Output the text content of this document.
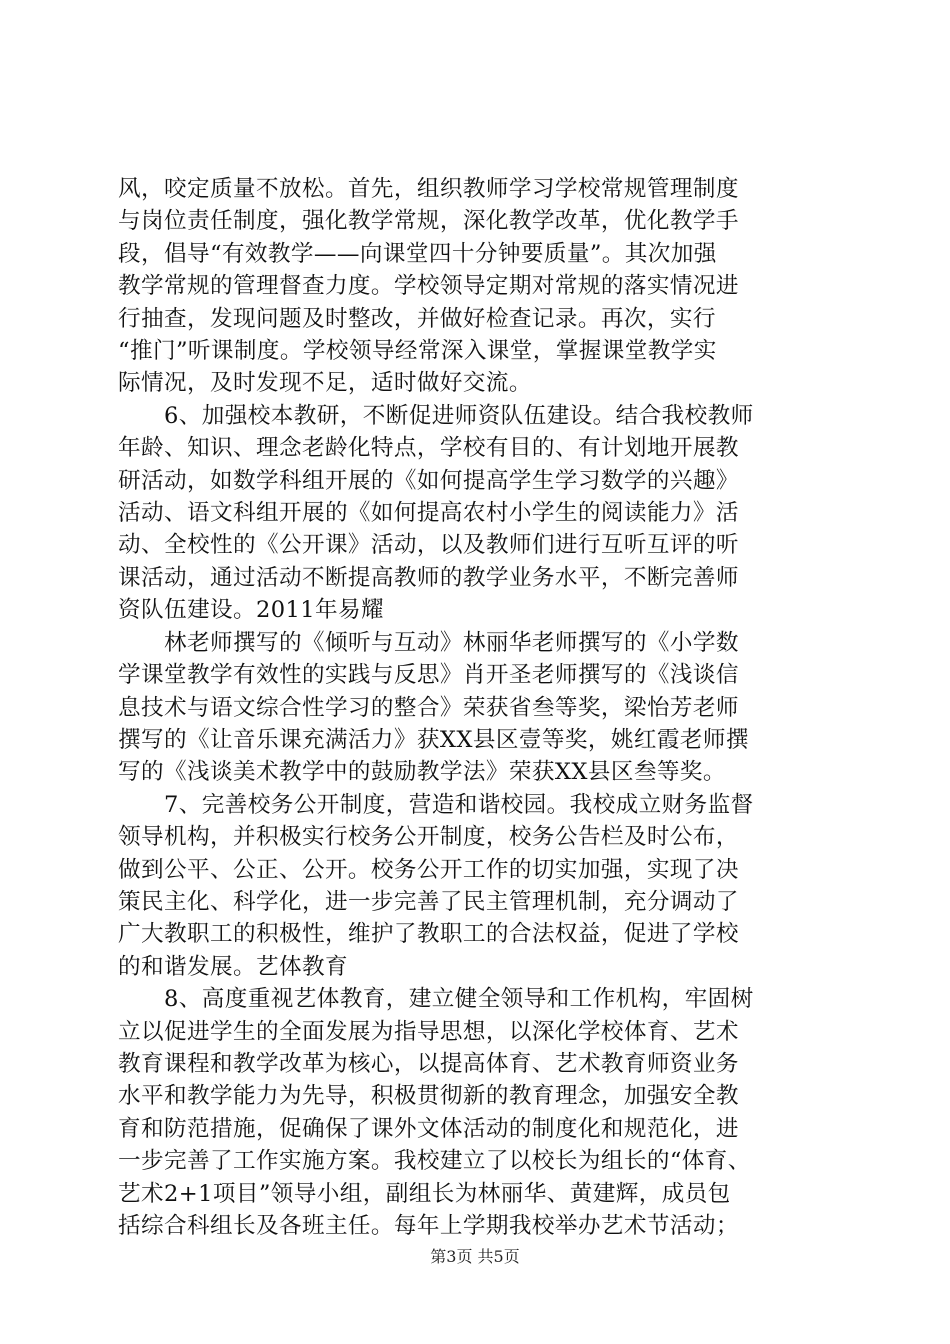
风，咬定质量不放松。首先，组织教师学习学校常规管理制度
与岗位责任制度，强化教学常规，深化教学改革，优化教学手
段，倡导“有效教学——向课堂四十分钟要质量”。其次加强
教学常规的管理督查力度。学校领导定期对常规的落实情况进
行抽查，发现问题及时整改，并做好检查记录。再次，实行
“推门”听课制度。学校领导经常深入课堂，掌握课堂教学实
际情况，及时发现不足，适时做好交流。

6、加强校本教研，不断促进师资队伍建设。结合我校教师
年龄、知识、理念老龄化特点，学校有目的、有计划地开展教
研活动，如数学科组开展的《如何提高学生学习数学的兴趣》
活动、语文科组开展的《如何提高农村小学生的阅读能力》活
动、全校性的《公开课》活动，以及教师们进行互听互评的听
课活动，通过活动不断提高教师的教学业务水平，不断完善师
资队伍建设。2011年易耀

林老师撰写的《倾听与互动》林丽华老师撰写的《小学数
学课堂教学有效性的实践与反思》肖开圣老师撰写的《浅谈信
息技术与语文综合性学习的整合》荣获省叁等奖，梁怡芳老师
撰写的《让音乐课充满活力》获XX县区壹等奖，姚红霞老师撰
写的《浅谈美术教学中的鼓励教学法》荣获XX县区叁等奖。

7、完善校务公开制度，营造和谐校园。我校成立财务监督
领导机构，并积极实行校务公开制度，校务公告栏及时公布，
做到公平、公正、公开。校务公开工作的切实加强，实现了决
策民主化、科学化，进一步完善了民主管理机制，充分调动了
广大教职工的积极性，维护了教职工的合法权益，促进了学校
的和谐发展。艺体教育

8、高度重视艺体教育，建立健全领导和工作机构，牢固树
立以促进学生的全面发展为指导思想，以深化学校体育、艺术
教育课程和教学改革为核心，以提高体育、艺术教育师资业务
水平和教学能力为先导，积极贯彻新的教育理念，加强安全教
育和防范措施，促确保了课外文体活动的制度化和规范化，进
一步完善了工作实施方案。我校建立了以校长为组长的“体育、
艺术2+1项目”领导小组，副组长为林丽华、黄建辉，成员包
括综合科组长及各班主任。每年上学期我校举办艺术节活动；

第3页 共5页
